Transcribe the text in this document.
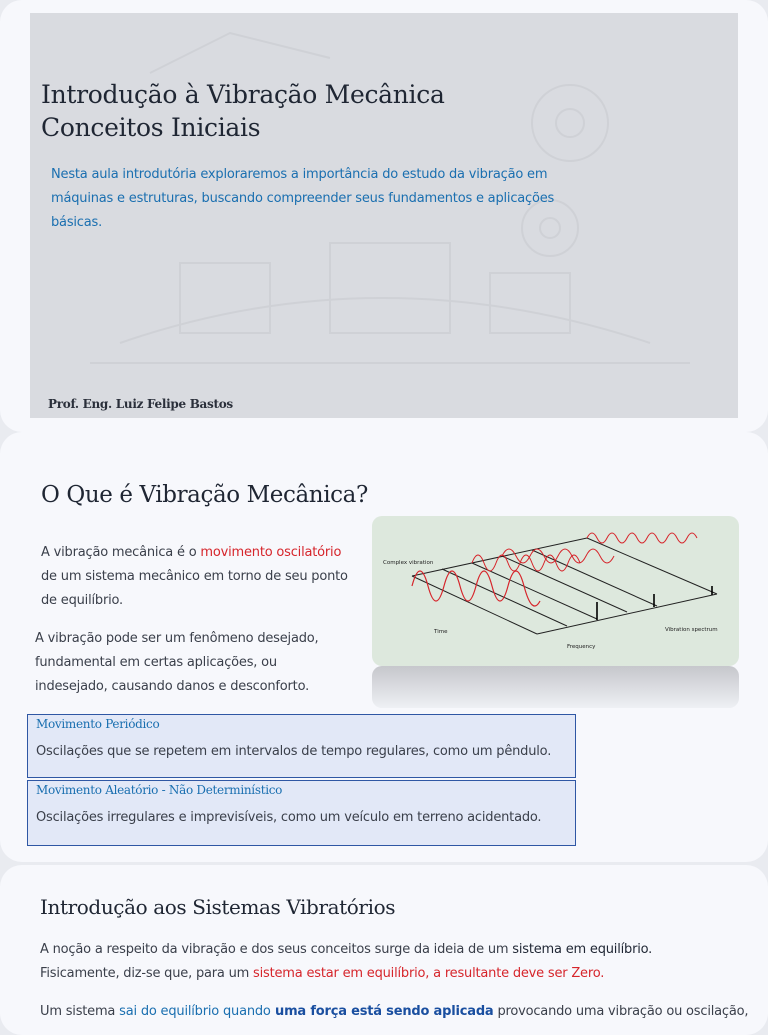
Introdução à Vibração Mecânica
Conceitos Iniciais
Nesta aula introdutória exploraremos a importância do estudo da vibração em máquinas e estruturas, buscando compreender seus fundamentos e aplicações básicas.
Prof. Eng. Luiz Felipe Bastos
O Que é Vibração Mecânica?
A vibração mecânica é o movimento oscilatório de um sistema mecânico em torno de seu ponto de equilíbrio.
A vibração pode ser um fenômeno desejado, fundamental em certas aplicações, ou indesejado, causando danos e desconforto.
Complex vibration
Time
Frequency
Vibration spectrum
Movimento Periódico
Oscilações que se repetem em intervalos de tempo regulares, como um pêndulo.
Movimento Aleatório - Não Determinístico
Oscilações irregulares e imprevisíveis, como um veículo em terreno acidentado.
Introdução aos Sistemas Vibratórios
A noção a respeito da vibração e dos seus conceitos surge da ideia de um sistema em equilíbrio.
Fisicamente, diz-se que, para um sistema estar em equilíbrio, a resultante deve ser Zero.
Um sistema sai do equilíbrio quando uma força está sendo aplicada provocando uma vibração ou oscilação,
